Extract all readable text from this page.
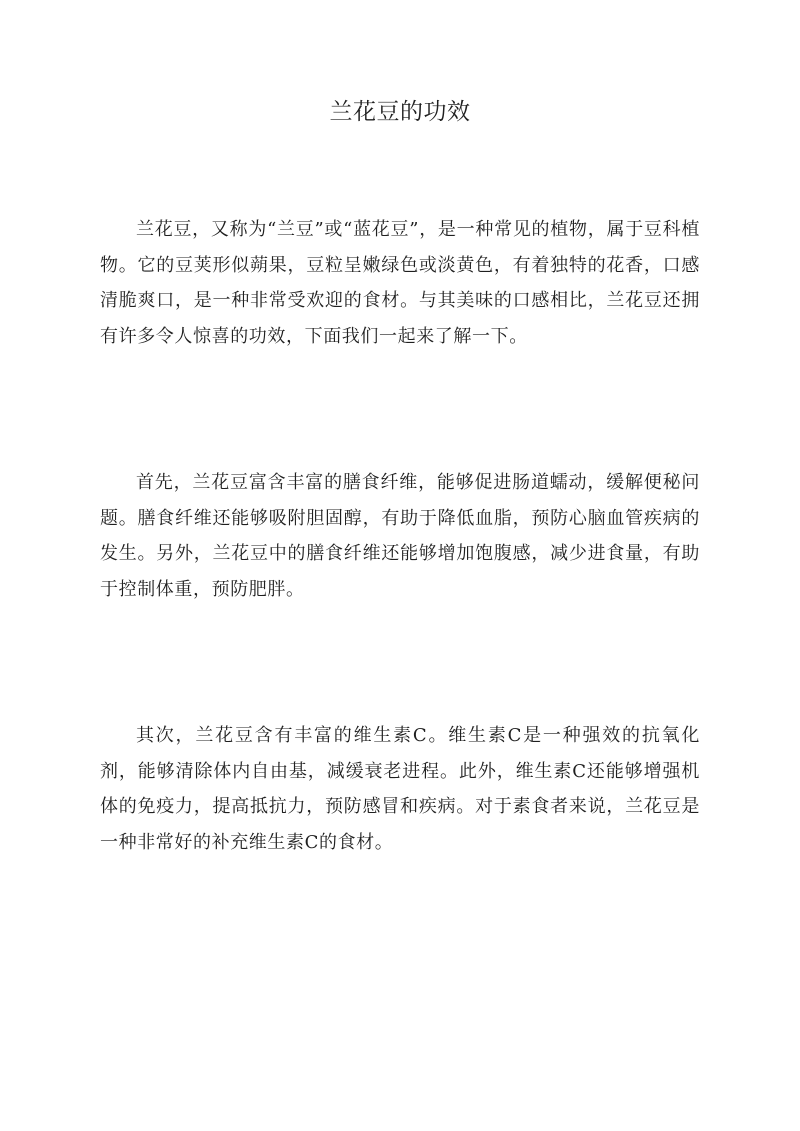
兰花豆的功效

兰花豆，又称为“兰豆”或“蓝花豆”，是一种常见的植物，属于豆科植物。它的豆荚形似蒴果，豆粒呈嫩绿色或淡黄色，有着独特的花香，口感清脆爽口，是一种非常受欢迎的食材。与其美味的口感相比，兰花豆还拥有许多令人惊喜的功效，下面我们一起来了解一下。

首先，兰花豆富含丰富的膳食纤维，能够促进肠道蠕动，缓解便秘问题。膳食纤维还能够吸附胆固醇，有助于降低血脂，预防心脑血管疾病的发生。另外，兰花豆中的膳食纤维还能够增加饱腹感，减少进食量，有助于控制体重，预防肥胖。

其次，兰花豆含有丰富的维生素C。维生素C是一种强效的抗氧化剂，能够清除体内自由基，减缓衰老进程。此外，维生素C还能够增强机体的免疫力，提高抵抗力，预防感冒和疾病。对于素食者来说，兰花豆是一种非常好的补充维生素C的食材。
